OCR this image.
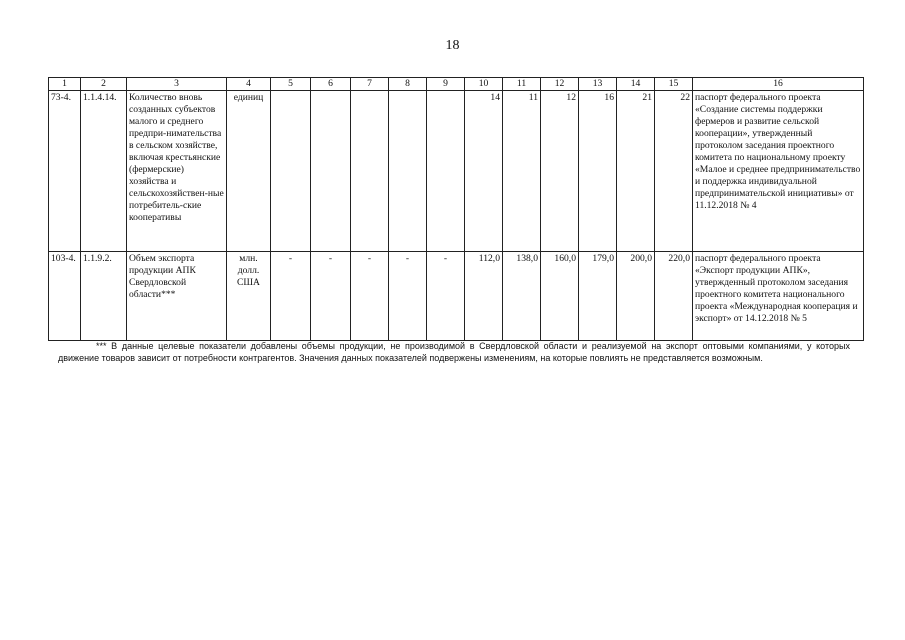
18
1	2	3	4	5	6	7	8	9	10	11	12	13	14	15	16
73-4.	1.1.4.14.	Количество вновь созданных субъектов малого и среднего предпри-нимательства в сельском хозяйстве, включая крестьянские (фермерские) хозяйства и сельскохозяйствен-ные потребитель-ские кооперативы	единиц						14	11	12	16	21	22	паспорт федерального проекта «Создание системы поддержки фермеров и развитие сельской кооперации», утвержденный протоколом заседания проектного комитета по национальному проекту «Малое и среднее предпринимательство и поддержка индивидуальной предпринимательской инициативы» от 11.12.2018 № 4
103-4.	1.1.9.2.	Объем экспорта продукции АПК Свердловской области***	млн. долл. США	-	-	-	-	-	112,0	138,0	160,0	179,0	200,0	220,0	паспорт федерального проекта «Экспорт продукции АПК», утвержденный протоколом заседания проектного комитета национального проекта «Международная кооперация и экспорт» от 14.12.2018 № 5
*** В данные целевые показатели добавлены объемы продукции, не производимой в Свердловской области и реализуемой на экспорт оптовыми компаниями, у которых движение товаров зависит от потребности контрагентов. Значения данных показателей подвержены изменениям, на которые повлиять не представляется возможным.
